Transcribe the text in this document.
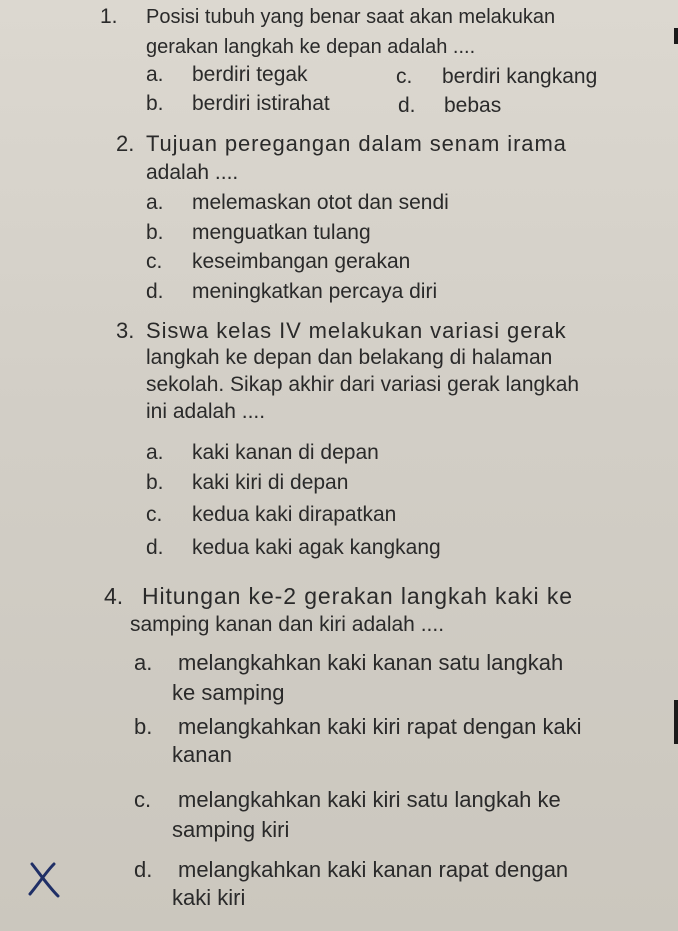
1. Posisi tubuh yang benar saat akan melakukan
gerakan langkah ke depan adalah ....
a. berdiri tegak	c. berdiri kangkang
b. berdiri istirahat	d. bebas
2. Tujuan peregangan dalam senam irama
adalah ....
a. melemaskan otot dan sendi
b. menguatkan tulang
c. keseimbangan gerakan
d. meningkatkan percaya diri
3. Siswa kelas IV melakukan variasi gerak
langkah ke depan dan belakang di halaman
sekolah. Sikap akhir dari variasi gerak langkah
ini adalah ....
a. kaki kanan di depan
b. kaki kiri di depan
c. kedua kaki dirapatkan
d. kedua kaki agak kangkang
4. Hitungan ke-2 gerakan langkah kaki ke
samping kanan dan kiri adalah ....
a. melangkahkan kaki kanan satu langkah
ke samping
b. melangkahkan kaki kiri rapat dengan kaki
kanan
c. melangkahkan kaki kiri satu langkah ke
samping kiri
d. melangkahkan kaki kanan rapat dengan
kaki kiri
